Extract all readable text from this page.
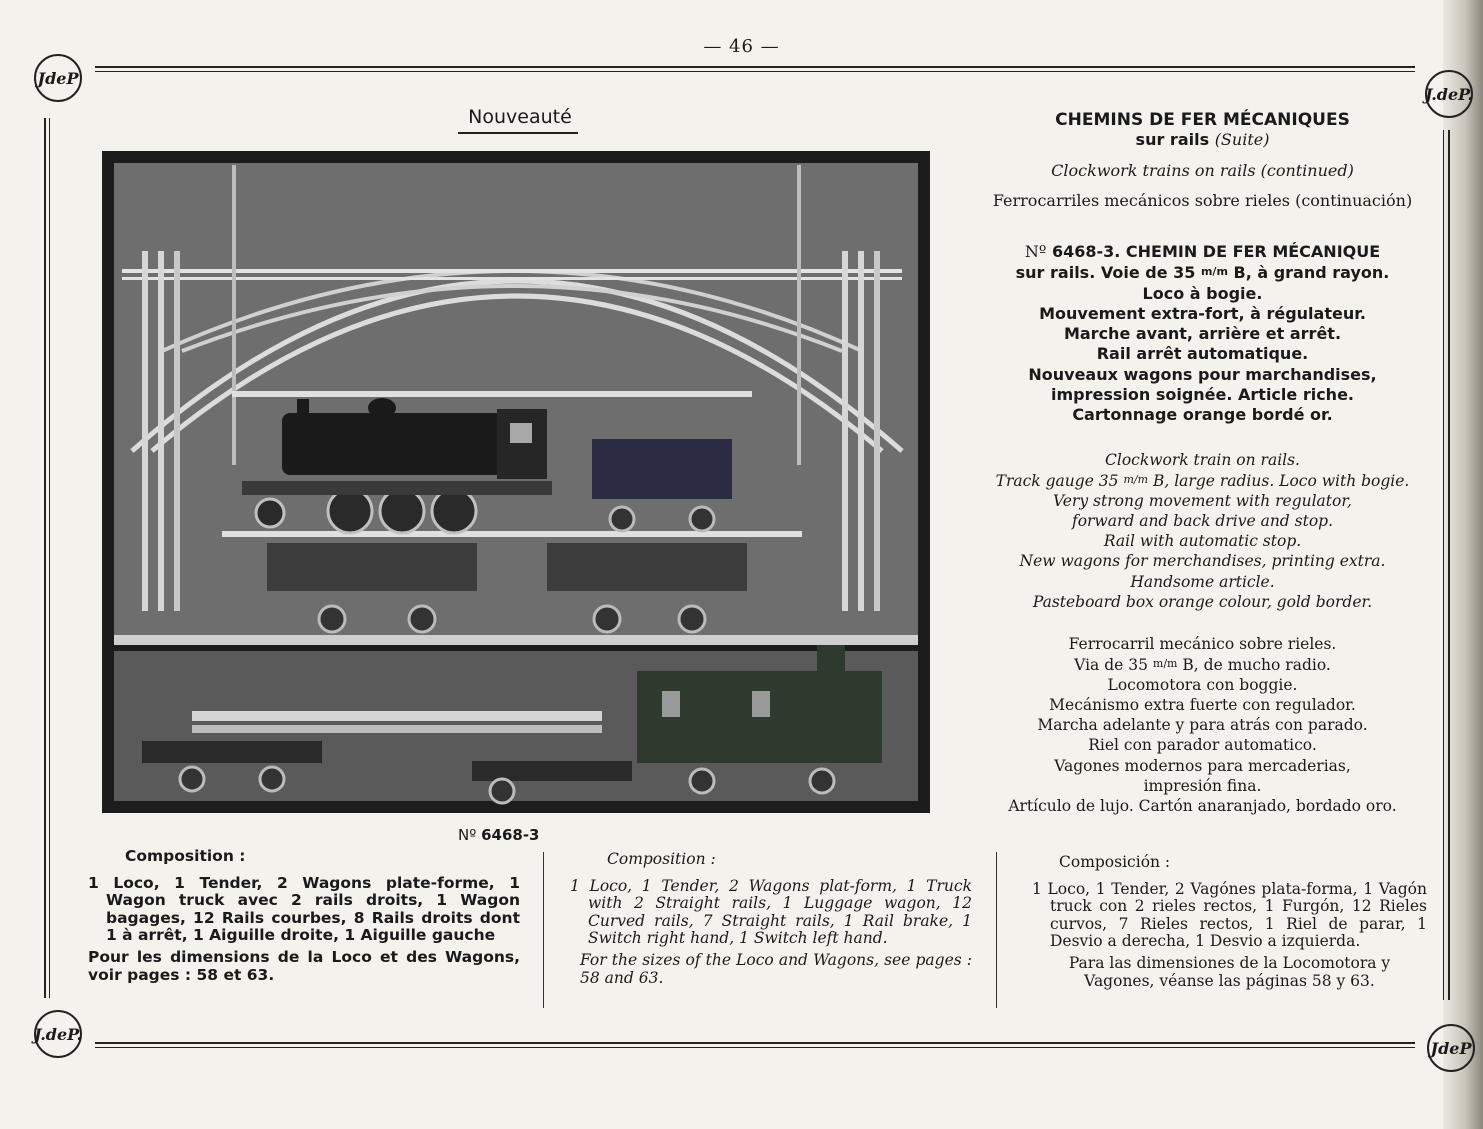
— 46 —
JdeP
J.deP.
J.deP.
JdeP
Nouveauté
Nº 6468-3
CHEMINS DE FER MÉCANIQUES
sur rails (Suite)
Clockwork trains on rails (continued)
Ferrocarriles mecánicos sobre rieles (continuación)
Nº 6468-3. CHEMIN DE FER MÉCANIQUE
sur rails. Voie de 35 m/m B, à grand rayon.
Loco à bogie.
Mouvement extra-fort, à régulateur.
Marche avant, arrière et arrêt.
Rail arrêt automatique.
Nouveaux wagons pour marchandises,
impression soignée. Article riche.
Cartonnage orange bordé or.
Clockwork train on rails.
Track gauge 35 m/m B, large radius. Loco with bogie.
Very strong movement with regulator,
forward and back drive and stop.
Rail with automatic stop.
New wagons for merchandises, printing extra.
Handsome article.
Pasteboard box orange colour, gold border.
Ferrocarril mecánico sobre rieles.
Via de 35 m/m B, de mucho radio.
Locomotora con boggie.
Mecánismo extra fuerte con regulador.
Marcha adelante y para atrás con parado.
Riel con parador automatico.
Vagones modernos para mercaderias,
impresión fina.
Artículo de lujo. Cartón anaranjado, bordado oro.
Composition :
1 Loco, 1 Tender, 2 Wagons plate-forme, 1 Wagon truck avec 2 rails droits, 1 Wagon bagages, 12 Rails courbes, 8 Rails droits dont 1 à arrêt, 1 Aiguille droite, 1 Aiguille gauche
Pour les dimensions de la Loco et des Wagons, voir pages : 58 et 63.
Composition :
1 Loco, 1 Tender, 2 Wagons plat-form, 1 Truck with 2 Straight rails, 1 Luggage wagon, 12 Curved rails, 7 Straight rails, 1 Rail brake, 1 Switch right hand, 1 Switch left hand.
For the sizes of the Loco and Wagons, see pages : 58 and 63.
Composición :
1 Loco, 1 Tender, 2 Vagónes plata-forma, 1 Vagón truck con 2 rieles rectos, 1 Furgón, 12 Rieles curvos, 7 Rieles rectos, 1 Riel de parar, 1 Desvio a derecha, 1 Desvio a izquierda.
Para las dimensiones de la Locomotora y Vagones, véanse las páginas 58 y 63.
